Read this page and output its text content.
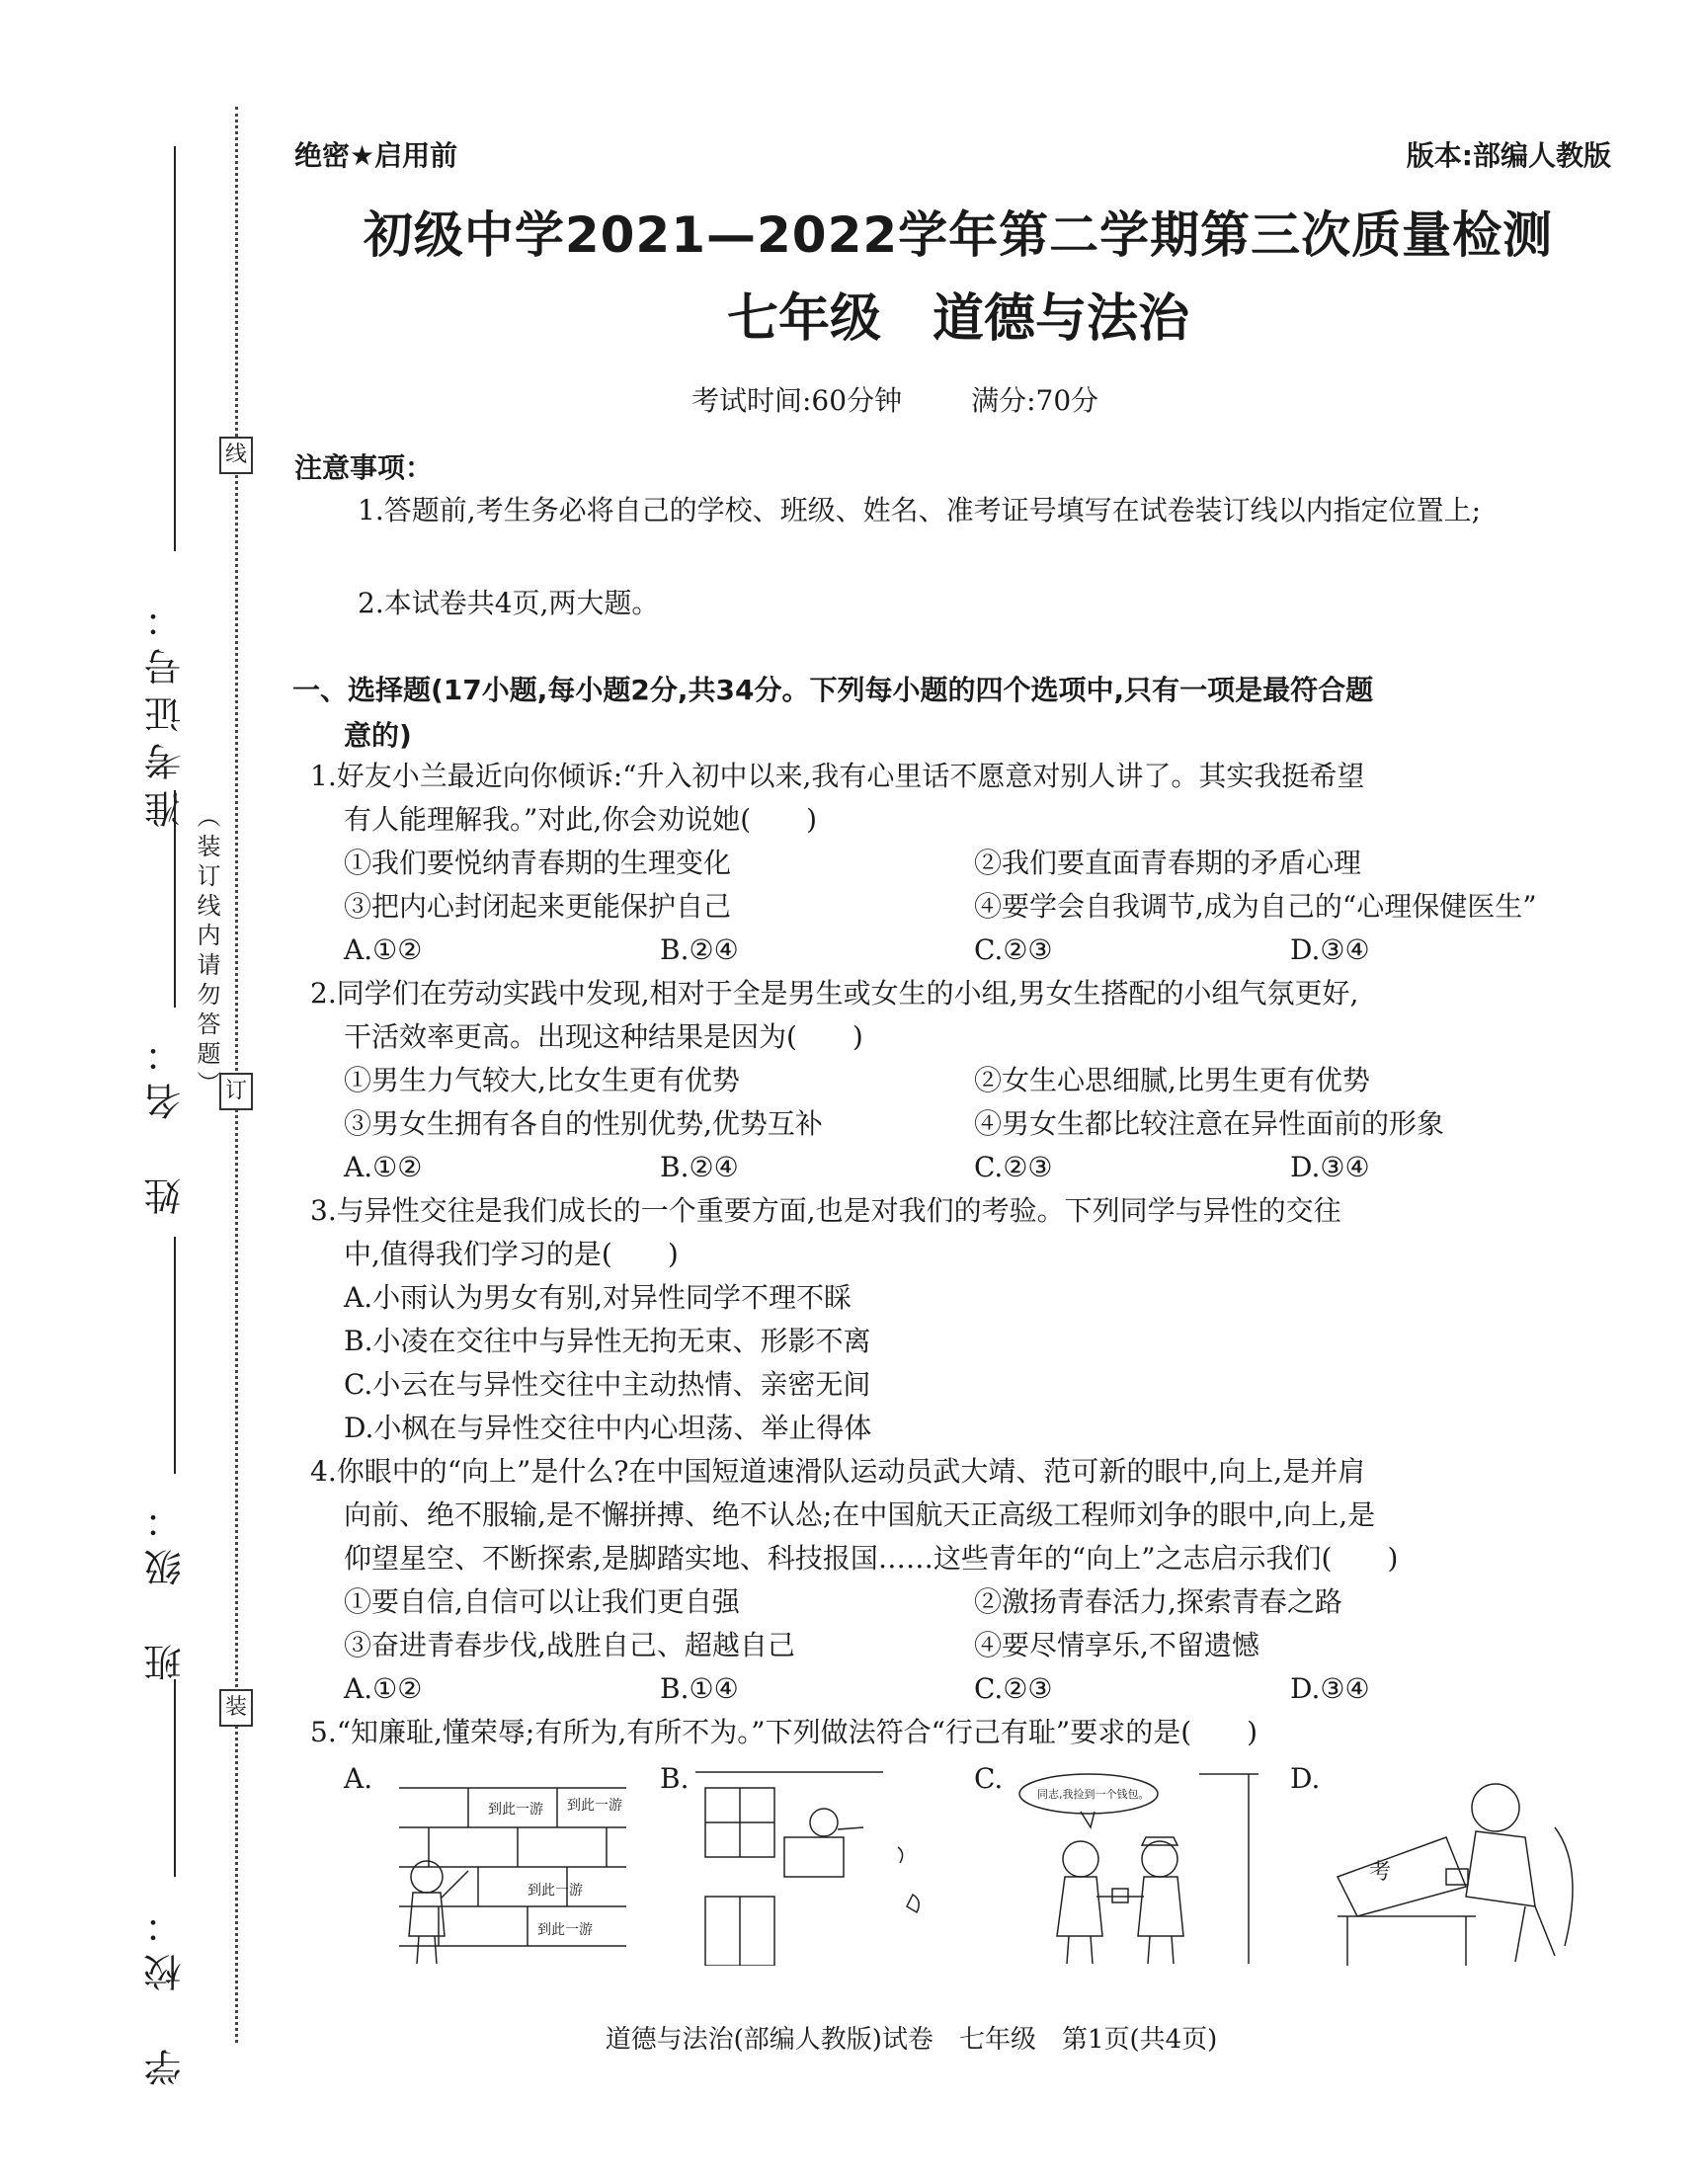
准考证号：
姓　名：
班　级：
学　校：
线
订
装
（装订线内请勿答题）
绝密★启用前	版本:部编人教版
初级中学2021—2022学年第二学期第三次质量检测
七年级　道德与法治
考试时间:60分钟	满分:70分
注意事项：
1.答题前,考生务必将自己的学校、班级、姓名、准考证号填写在试卷装订线以内指定位置上;
2.本试卷共4页,两大题。
一、选择题(17小题,每小题2分,共34分。下列每小题的四个选项中,只有一项是最符合题
意的)
1.好友小兰最近向你倾诉:“升入初中以来,我有心里话不愿意对别人讲了。其实我挺希望
有人能理解我。”对此,你会劝说她(　　)
①我们要悦纳青春期的生理变化	②我们要直面青春期的矛盾心理
③把内心封闭起来更能保护自己	④要学会自我调节,成为自己的“心理保健医生”
A.①②	B.②④	C.②③	D.③④
2.同学们在劳动实践中发现,相对于全是男生或女生的小组,男女生搭配的小组气氛更好,
干活效率更高。出现这种结果是因为(　　)
①男生力气较大,比女生更有优势	②女生心思细腻,比男生更有优势
③男女生拥有各自的性别优势,优势互补	④男女生都比较注意在异性面前的形象
A.①②	B.②④	C.②③	D.③④
3.与异性交往是我们成长的一个重要方面,也是对我们的考验。下列同学与异性的交往
中,值得我们学习的是(　　)
A.小雨认为男女有别,对异性同学不理不睬
B.小凌在交往中与异性无拘无束、形影不离
C.小云在与异性交往中主动热情、亲密无间
D.小枫在与异性交往中内心坦荡、举止得体
4.你眼中的“向上”是什么?在中国短道速滑队运动员武大靖、范可新的眼中,向上,是并肩
向前、绝不服输,是不懈拼搏、绝不认怂;在中国航天正高级工程师刘争的眼中,向上,是
仰望星空、不断探索,是脚踏实地、科技报国……这些青年的“向上”之志启示我们(　　)
①要自信,自信可以让我们更自强	②激扬青春活力,探索青春之路
③奋进青春步伐,战胜自己、超越自己	④要尽情享乐,不留遗憾
A.①②	B.①④	C.②③	D.③④
5.“知廉耻,懂荣辱;有所为,有所不为。”下列做法符合“行己有耻”要求的是(　　)
A.	B.	C.	D.
到此一游 到此一游
到此一游
到此一游
同志,我捡到一个钱包。
考
道德与法治(部编人教版)试卷　七年级　第1页(共4页)
